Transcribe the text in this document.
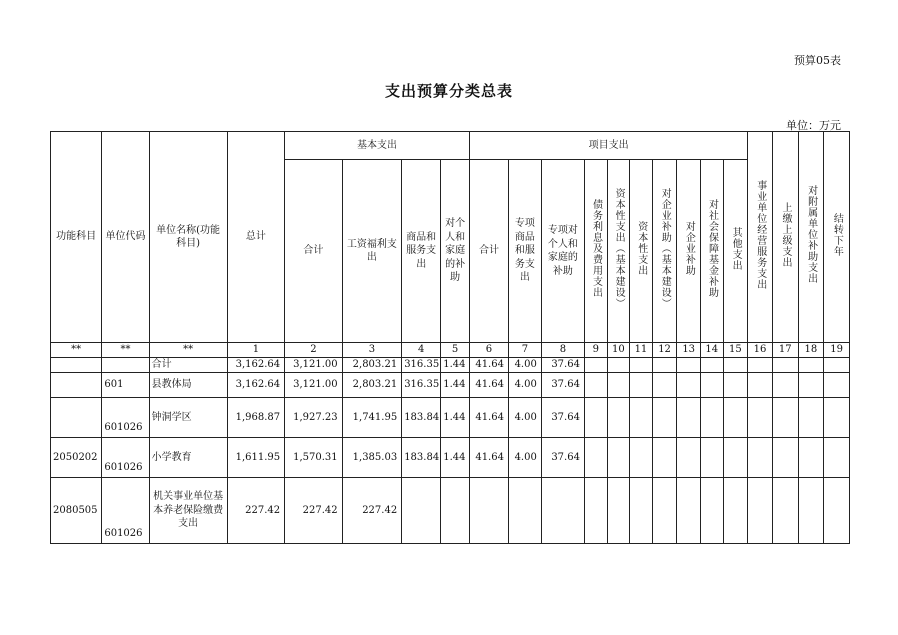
预算05表
支出预算分类总表
单位：万元
功能科目	单位代码	单位名称(功能科目)	总计	基本支出				项目支出										事业单位经营服务支出	上缴上级支出	对附属单位补助支出	结转下年
				合计	工资福利支出	商品和服务支出	对个人和家庭的补助	合计	专项商品和服务支出	专项对个人和家庭的补助	债务利息及费用支出	资本性支出（基本建设）	资本性支出	对企业补助（基本建设）	对企业补助	对社会保障基金补助	其他支出				
**	**	**	1	2	3	4	5	6	7	8	9	10	11	12	13	14	15	16	17	18	19
		合计	3,162.64	3,121.00	2,803.21	316.35	1.44	41.64	4.00	37.64											
	601	县教体局	3,162.64	3,121.00	2,803.21	316.35	1.44	41.64	4.00	37.64											
	601026	钟洞学区	1,968.87	1,927.23	1,741.95	183.84	1.44	41.64	4.00	37.64											
2050202	601026	小学教育	1,611.95	1,570.31	1,385.03	183.84	1.44	41.64	4.00	37.64											
2080505	601026	机关事业单位基本养老保险缴费支出	227.42	227.42	227.42																
